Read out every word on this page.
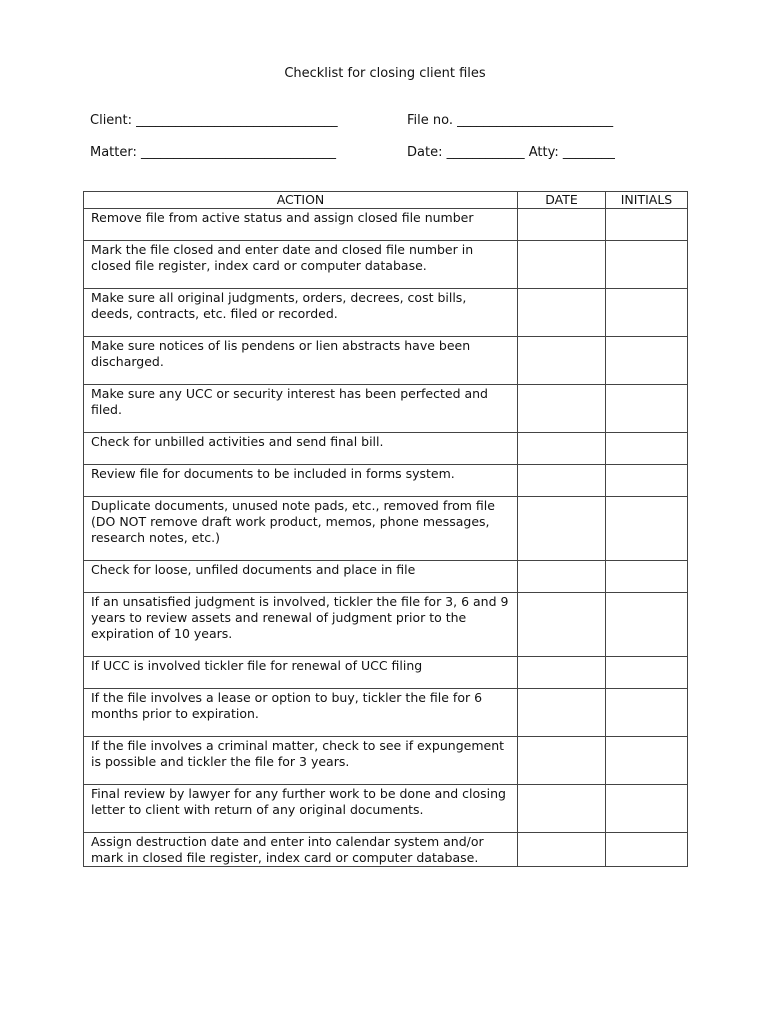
Checklist for closing client files
Client: _______________________________	File no. ________________________
Matter: ______________________________	Date: ____________ Atty: ________
ACTION	DATE	INITIALS
Remove file from active status and assign closed file number		
Mark the file closed and enter date and closed file number in closed file register, index card or computer database.		
Make sure all original judgments, orders, decrees, cost bills, deeds, contracts, etc. filed or recorded.		
Make sure notices of lis pendens or lien abstracts have been discharged.		
Make sure any UCC or security interest has been perfected and filed.		
Check for unbilled activities and send final bill.		
Review file for documents to be included in forms system.		
Duplicate documents, unused note pads, etc., removed from file (DO NOT remove draft work product, memos, phone messages, research notes, etc.)		
Check for loose, unfiled documents and place in file		
If an unsatisfied judgment is involved, tickler the file for 3, 6 and 9 years to review assets and renewal of judgment prior to the expiration of 10 years.		
If UCC is involved tickler file for renewal of UCC filing		
If the file involves a lease or option to buy, tickler the file for 6 months prior to expiration.		
If the file involves a criminal matter, check to see if expungement is possible and tickler the file for 3 years.		
Final review by lawyer for any further work to be done and closing letter to client with return of any original documents.		
Assign destruction date and enter into calendar system and/or mark in closed file register, index card or computer database.		
